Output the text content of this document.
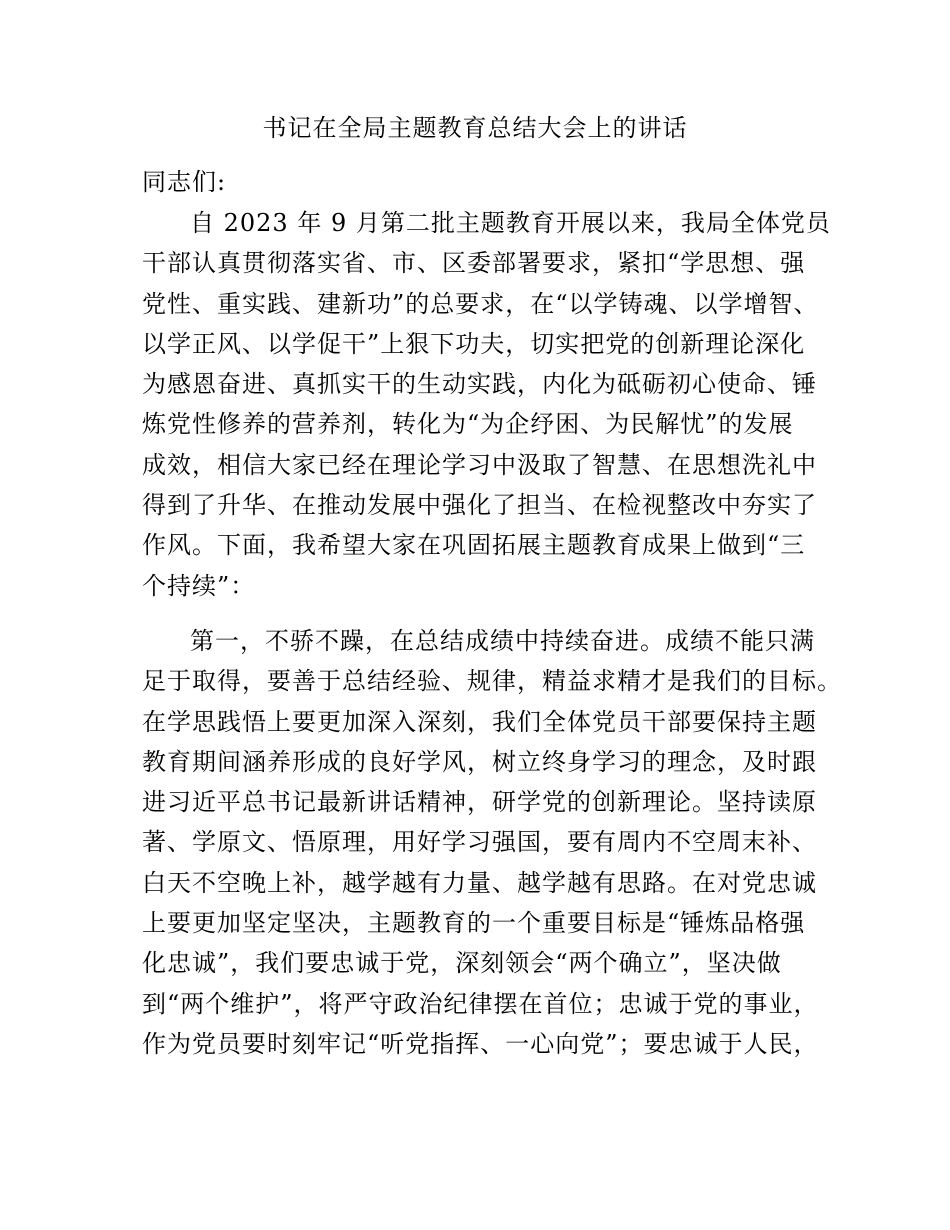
书记在全局主题教育总结大会上的讲话
同志们:
自 2023 年 9 月第二批主题教育开展以来，我局全体党员
干部认真贯彻落实省、市、区委部署要求，紧扣“学思想、强
党性、重实践、建新功”的总要求，在“以学铸魂、以学增智、
以学正风、以学促干”上狠下功夫，切实把党的创新理论深化
为感恩奋进、真抓实干的生动实践，内化为砥砺初心使命、锤
炼党性修养的营养剂，转化为“为企纾困、为民解忧”的发展
成效，相信大家已经在理论学习中汲取了智慧、在思想洗礼中
得到了升华、在推动发展中强化了担当、在检视整改中夯实了
作风。下面，我希望大家在巩固拓展主题教育成果上做到“三
个持续”：
第一，不骄不躁，在总结成绩中持续奋进。成绩不能只满
足于取得，要善于总结经验、规律，精益求精才是我们的目标。
在学思践悟上要更加深入深刻，我们全体党员干部要保持主题
教育期间涵养形成的良好学风，树立终身学习的理念，及时跟
进习近平总书记最新讲话精神，研学党的创新理论。坚持读原
著、学原文、悟原理，用好学习强国，要有周内不空周末补、
白天不空晚上补，越学越有力量、越学越有思路。在对党忠诚
上要更加坚定坚决，主题教育的一个重要目标是“锤炼品格强
化忠诚”，我们要忠诚于党，深刻领会“两个确立”，坚决做
到“两个维护”，将严守政治纪律摆在首位；忠诚于党的事业，
作为党员要时刻牢记“听党指挥、一心向党”；要忠诚于人民，
